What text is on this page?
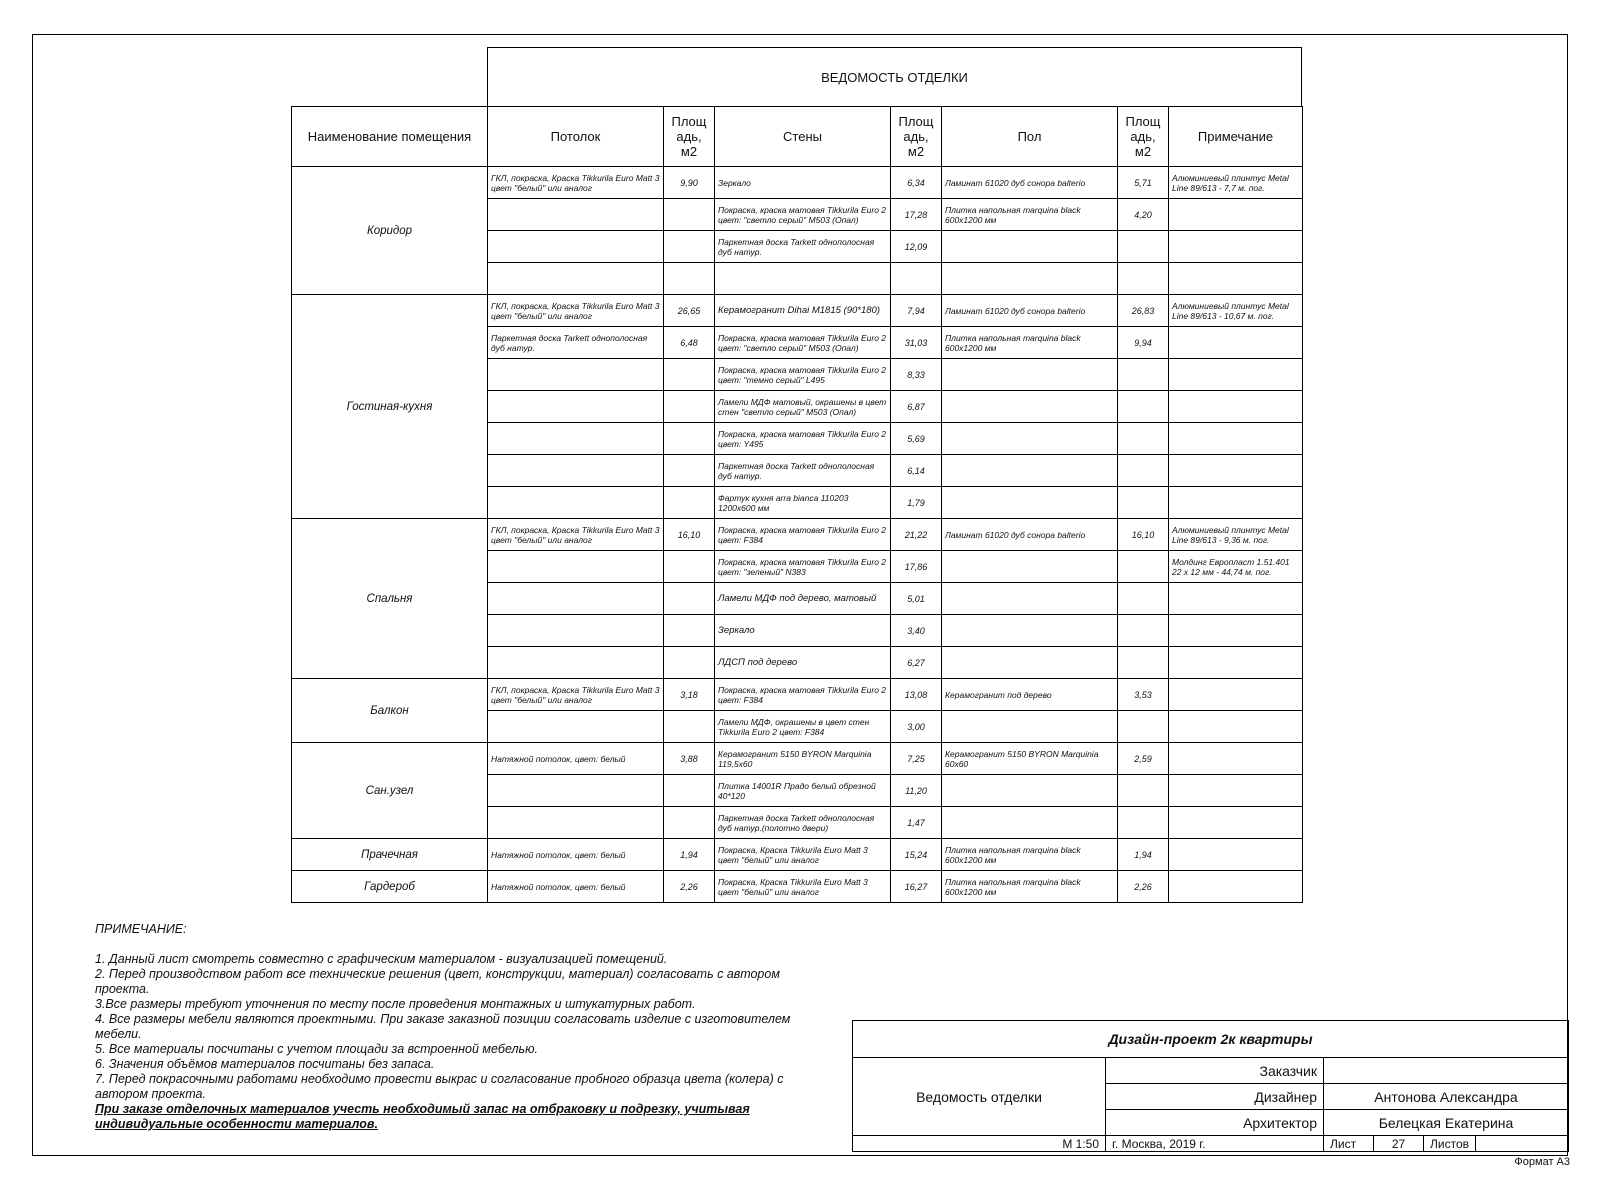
ВЕДОМОСТЬ ОТДЕЛКИ
Наименование помещения	Потолок	Площ адь, м2	Стены	Площ адь, м2	Пол	Площ адь, м2	Примечание
Коридор	ГКЛ, покраска, Краска Tikkurila Euro Matt 3 цвет "белый" или аналог	9,90	Зеркало	6,34	Ламинат 61020 дуб сонора balterio	5,71	Алюминиевый плинтус Metal Line 89/613 - 7,7 м. пог.
			Покраска, краска матовая Tikkurila Euro 2 цвет: "светло серый" M503 (Опал)	17,28	Плитка напольная marquina black 600x1200 мм	4,20	
			Паркетная доска Tarkett однополосная дуб натур.	12,09			

Гостиная-кухня	ГКЛ, покраска, Краска Tikkurila Euro Matt 3 цвет "белый" или аналог	26,65	Керамогранит Dihai M1815 (90*180)	7,94	Ламинат 61020 дуб сонора balterio	26,83	Алюминиевый плинтус Metal Line 89/613 - 10,67 м. пог.
	Паркетная доска Tarkett однополосная дуб натур.	6,48	Покраска, краска матовая Tikkurila Euro 2 цвет: "светло серый" M503 (Опал)	31,03	Плитка напольная marquina black 600x1200 мм	9,94	
			Покраска, краска матовая Tikkurila Euro 2 цвет: "темно серый" L495	8,33			
			Ламели МДФ матовый, окрашены в цвет стен "светло серый" M503 (Опал)	6,87			
			Покраска, краска матовая Tikkurila Euro 2 цвет: Y495	5,69			
			Паркетная доска Tarkett однополосная дуб натур.	6,14			
			Фартук кухня arra bianca 110203 1200х600 мм	1,79			
Спальня	ГКЛ, покраска, Краска Tikkurila Euro Matt 3 цвет "белый" или аналог	16,10	Покраска, краска матовая Tikkurila Euro 2 цвет: F384	21,22	Ламинат 61020 дуб сонора balterio	16,10	Алюминиевый плинтус Metal Line 89/613 - 9,36 м. пог.
			Покраска, краска матовая Tikkurila Euro 2 цвет: "зеленый" N383	17,86			Молдинг Европласт 1.51.401 22 х 12 мм - 44,74 м. пог.
			Ламели МДФ под дерево, матовый	5,01			
			Зеркало	3,40			
			ЛДСП под дерево	6,27			
Балкон	ГКЛ, покраска, Краска Tikkurila Euro Matt 3 цвет "белый" или аналог	3,18	Покраска, краска матовая Tikkurila Euro 2 цвет: F384	13,08	Керамогранит под дерево	3,53	
			Ламели МДФ, окрашены в цвет стен Tikkurila Euro 2 цвет: F384	3,00			
Сан.узел	Натяжной потолок, цвет: белый	3,88	Керамогранит 5150 BYRON Marquinia 119,5x60	7,25	Керамогранит 5150 BYRON Marquinia 60x60	2,59	
			Плитка 14001R Прадо белый обрезной 40*120	11,20			
			Паркетная доска Tarkett однополосная дуб натур.(полотно двери)	1,47			
Прачечная	Натяжной потолок, цвет: белый	1,94	Покраска, Краска Tikkurila Euro Matt 3 цвет "белый" или аналог	15,24	Плитка напольная marquina black 600x1200 мм	1,94	
Гардероб	Натяжной потолок, цвет: белый	2,26	Покраска, Краска Tikkurila Euro Matt 3 цвет "белый" или аналог	16,27	Плитка напольная marquina black 600x1200 мм	2,26	
ПРИМЕЧАНИЕ:
1. Данный лист смотреть совместно с графическим материалом - визуализацией помещений.
2. Перед производством работ все технические решения (цвет, конструкции, материал) согласовать с автором проекта.
3.Все размеры требуют уточнения по месту после проведения монтажных и штукатурных работ.
4. Все размеры мебели являются проектными. При заказе заказной позиции согласовать изделие с изготовителем мебели.
5. Все материалы посчитаны с учетом площади за встроенной мебелью.
6. Значения объёмов материалов посчитаны без запаса.
7. Перед покрасочными работами необходимо провести выкрас и согласование пробного образца цвета (колера) с автором проекта.
При заказе отделочных материалов учесть необходимый запас на отбраковку и подрезку, учитывая индивидуальные особенности материалов.
Дизайн-проект 2к квартиры					
Ведомость отделки	Заказчик				
	Дизайнер	Антонова Александра			
	Архитектор	Белецкая Екатерина			
М 1:50	г. Москва, 2019 г.	Лист	27	Листов	
Формат А3
